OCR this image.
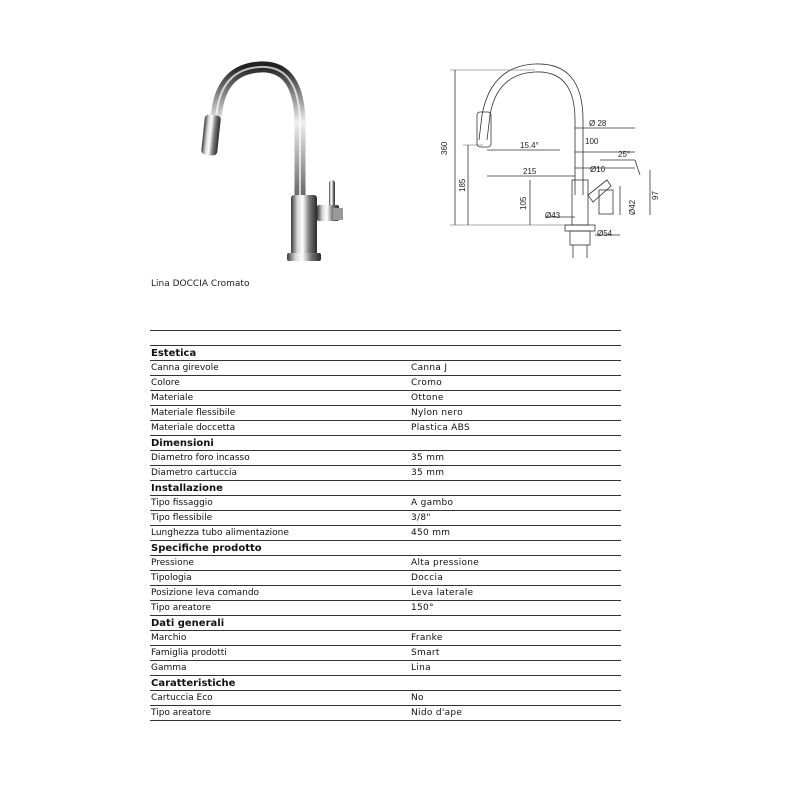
360
185
105
215
100
15.4°
25°
Ø 28
Ø10
Ø43
Ø54
Ø42
97
Lina DOCCIA Cromato
Estetica
Canna girevole	Canna J
Colore	Cromo
Materiale	Ottone
Materiale flessibile	Nylon nero
Materiale doccetta	Plastica ABS
Dimensioni
Diametro foro incasso	35 mm
Diametro cartuccia	35 mm
Installazione
Tipo fissaggio	A gambo
Tipo flessibile	3/8"
Lunghezza tubo alimentazione	450 mm
Specifiche prodotto
Pressione	Alta pressione
Tipologia	Doccia
Posizione leva comando	Leva laterale
Tipo areatore	150°
Dati generali
Marchio	Franke
Famiglia prodotti	Smart
Gamma	Lina
Caratteristiche
Cartuccia Eco	No
Tipo areatore	Nido d'ape
